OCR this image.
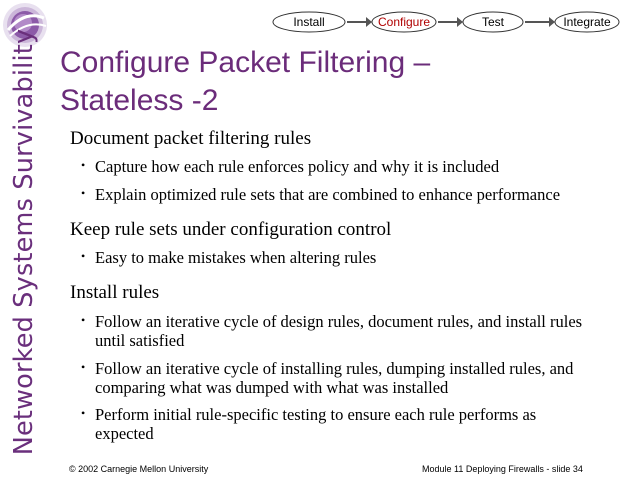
Networked Systems Survivability
Install	Configure	Test	Integrate
Configure Packet Filtering –
Stateless -2
Document packet filtering rules
• Capture how each rule enforces policy and why it is included
• Explain optimized rule sets that are combined to enhance performance
Keep rule sets under configuration control
• Easy to make mistakes when altering rules
Install rules
• Follow an iterative cycle of design rules, document rules, and install rules until satisfied
• Follow an iterative cycle of installing rules, dumping installed rules, and comparing what was dumped with what was installed
• Perform initial rule-specific testing to ensure each rule performs as expected
© 2002 Carnegie Mellon University	Module 11 Deploying Firewalls - slide 34
